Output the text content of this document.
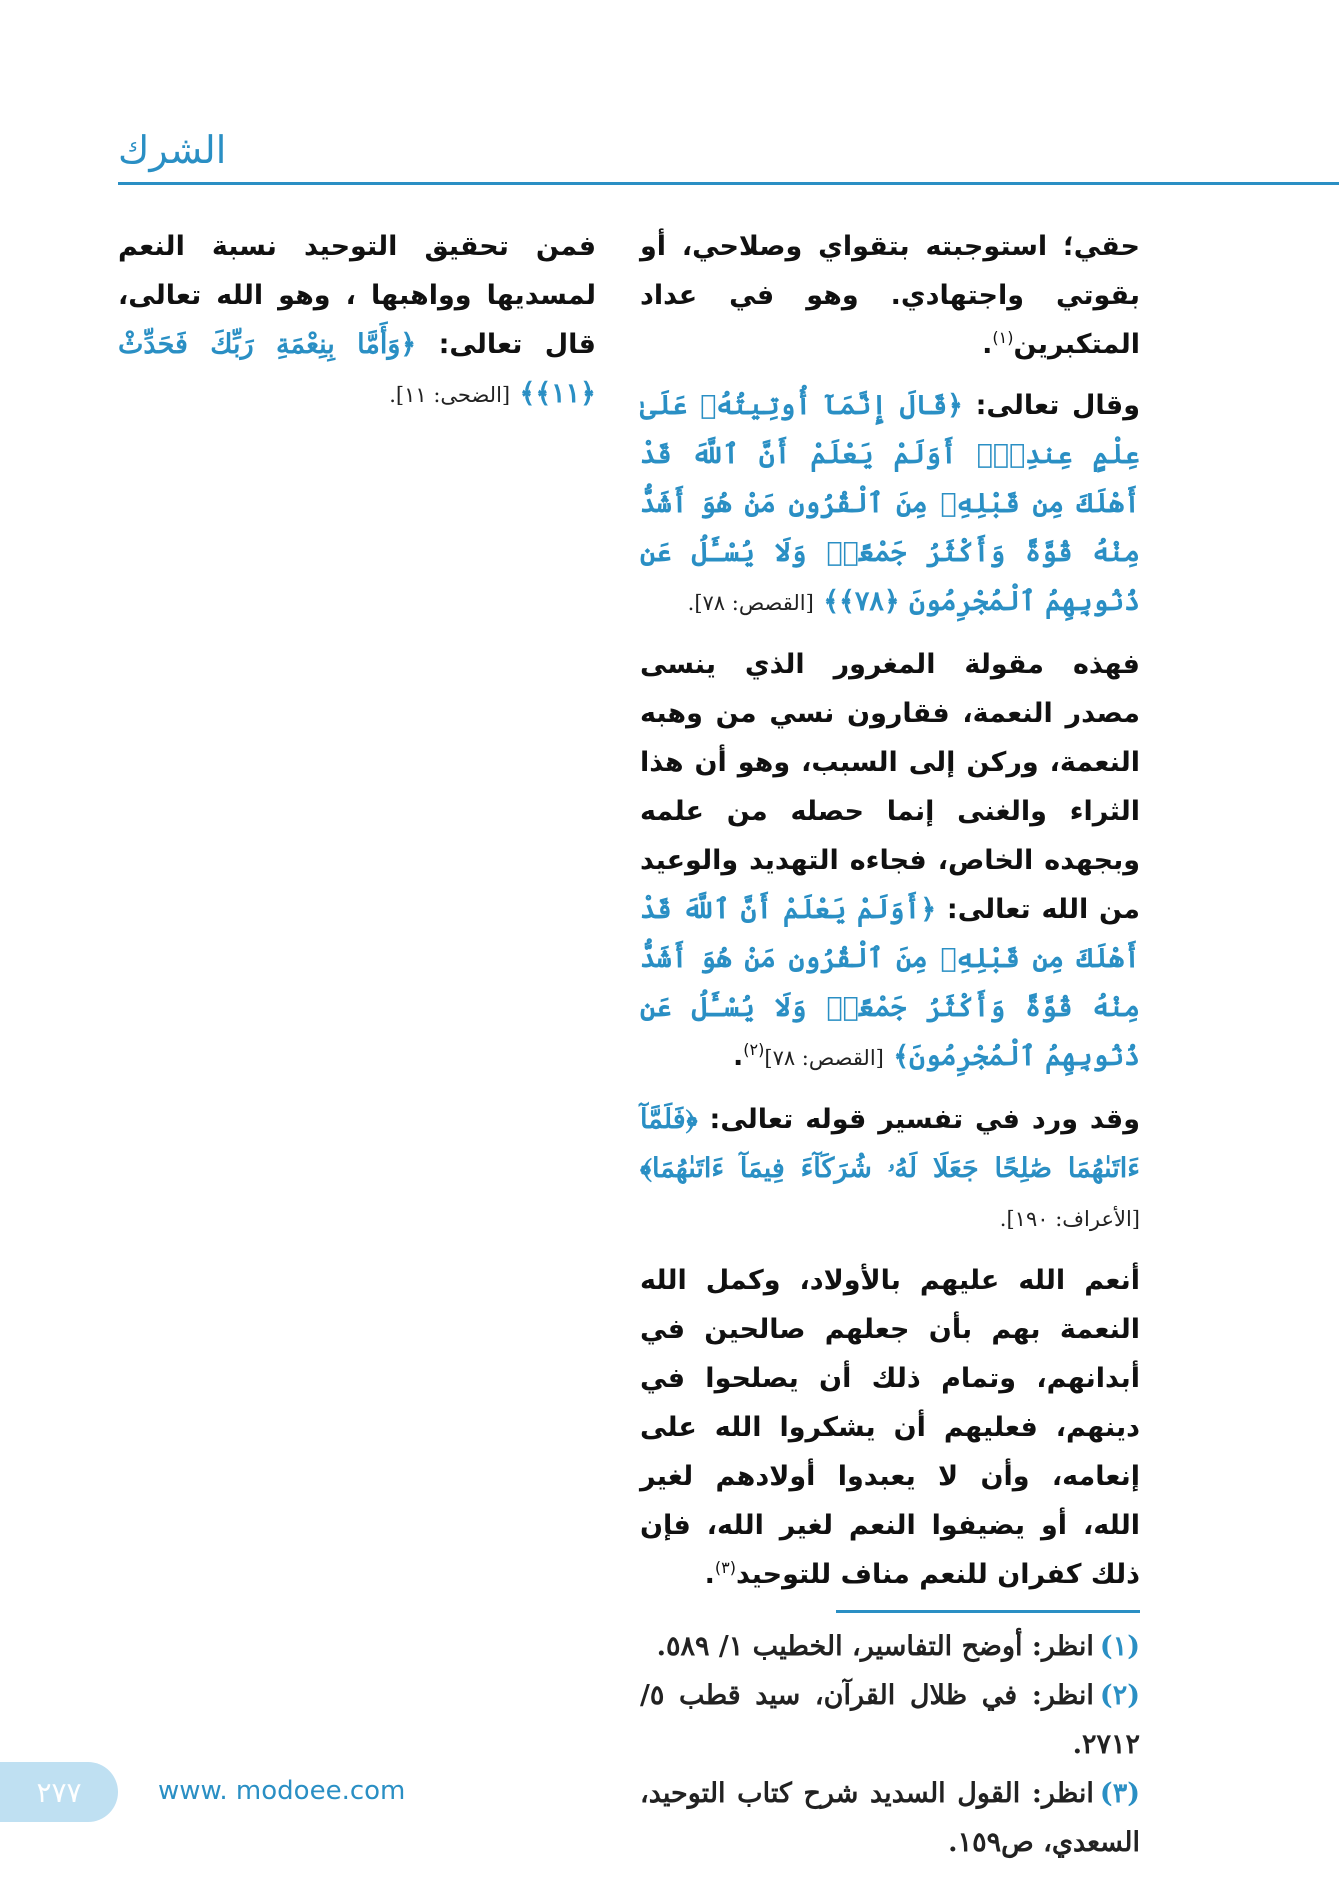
الشرك

حقي؛ استوجبته بتقواي وصلاحي، أو بقوتي واجتهادي. وهو في عداد المتكبرين$^{(١)}$.

وقال تعالى: ﴿قَالَ إِنَّمَآ أُوتِيتُهُۥ عَلَىٰ عِلْمٍ عِندِىٓۚ أَوَلَمْ يَعْلَمْ أَنَّ ٱللَّهَ قَدْ أَهْلَكَ مِن قَبْلِهِۦ مِنَ ٱلْقُرُونِ مَنْ هُوَ أَشَدُّ مِنْهُ قُوَّةً وَأَكْثَرُ جَمْعًاۚ وَلَا يُسْـَٔلُ عَن ذُنُوبِهِمُ ٱلْمُجْرِمُونَ ﴿٧٨﴾﴾ [القصص: ٧٨].

فهذه مقولة المغرور الذي ينسى مصدر النعمة، فقارون نسي من وهبه النعمة، وركن إلى السبب، وهو أن هذا الثراء والغنى إنما حصله من علمه وبجهده الخاص، فجاءه التهديد والوعيد من الله تعالى: ﴿أَوَلَمْ يَعْلَمْ أَنَّ ٱللَّهَ قَدْ أَهْلَكَ مِن قَبْلِهِۦ مِنَ ٱلْقُرُونِ مَنْ هُوَ أَشَدُّ مِنْهُ قُوَّةً وَأَكْثَرُ جَمْعًاۚ وَلَا يُسْـَٔلُ عَن ذُنُوبِهِمُ ٱلْمُجْرِمُونَ﴾ [القصص: ٧٨]$^{(٢)}$.

وقد ورد في تفسير قوله تعالى: ﴿فَلَمَّآ ءَاتَىٰهُمَا صَٰلِحًا جَعَلَا لَهُۥ شُرَكَآءَ فِيمَآ ءَاتَىٰهُمَا﴾ [الأعراف: ١٩٠].

أنعم الله عليهم بالأولاد، وكمل الله النعمة بهم بأن جعلهم صالحين في أبدانهم، وتمام ذلك أن يصلحوا في دينهم، فعليهم أن يشكروا الله على إنعامه، وأن لا يعبدوا أولادهم لغير الله، أو يضيفوا النعم لغير الله، فإن ذلك كفران للنعم مناف للتوحيد$^{(٣)}$.

فمن تحقيق التوحيد نسبة النعم لمسديها وواهبها ، وهو الله تعالى، قال تعالى: ﴿وَأَمَّا بِنِعْمَةِ رَبِّكَ فَحَدِّثْ ﴿١١﴾﴾ [الضحى: ١١].

(١)انظر: أوضح التفاسير، الخطيب ١/ ٥٨٩.

(٢)انظر: في ظلال القرآن، سيد قطب ٥/ ٢٧١٢.

(٣)انظر: القول السديد شرح كتاب التوحيد، السعدي، ص١٥٩.

٢٧٧	www. modoee.com
